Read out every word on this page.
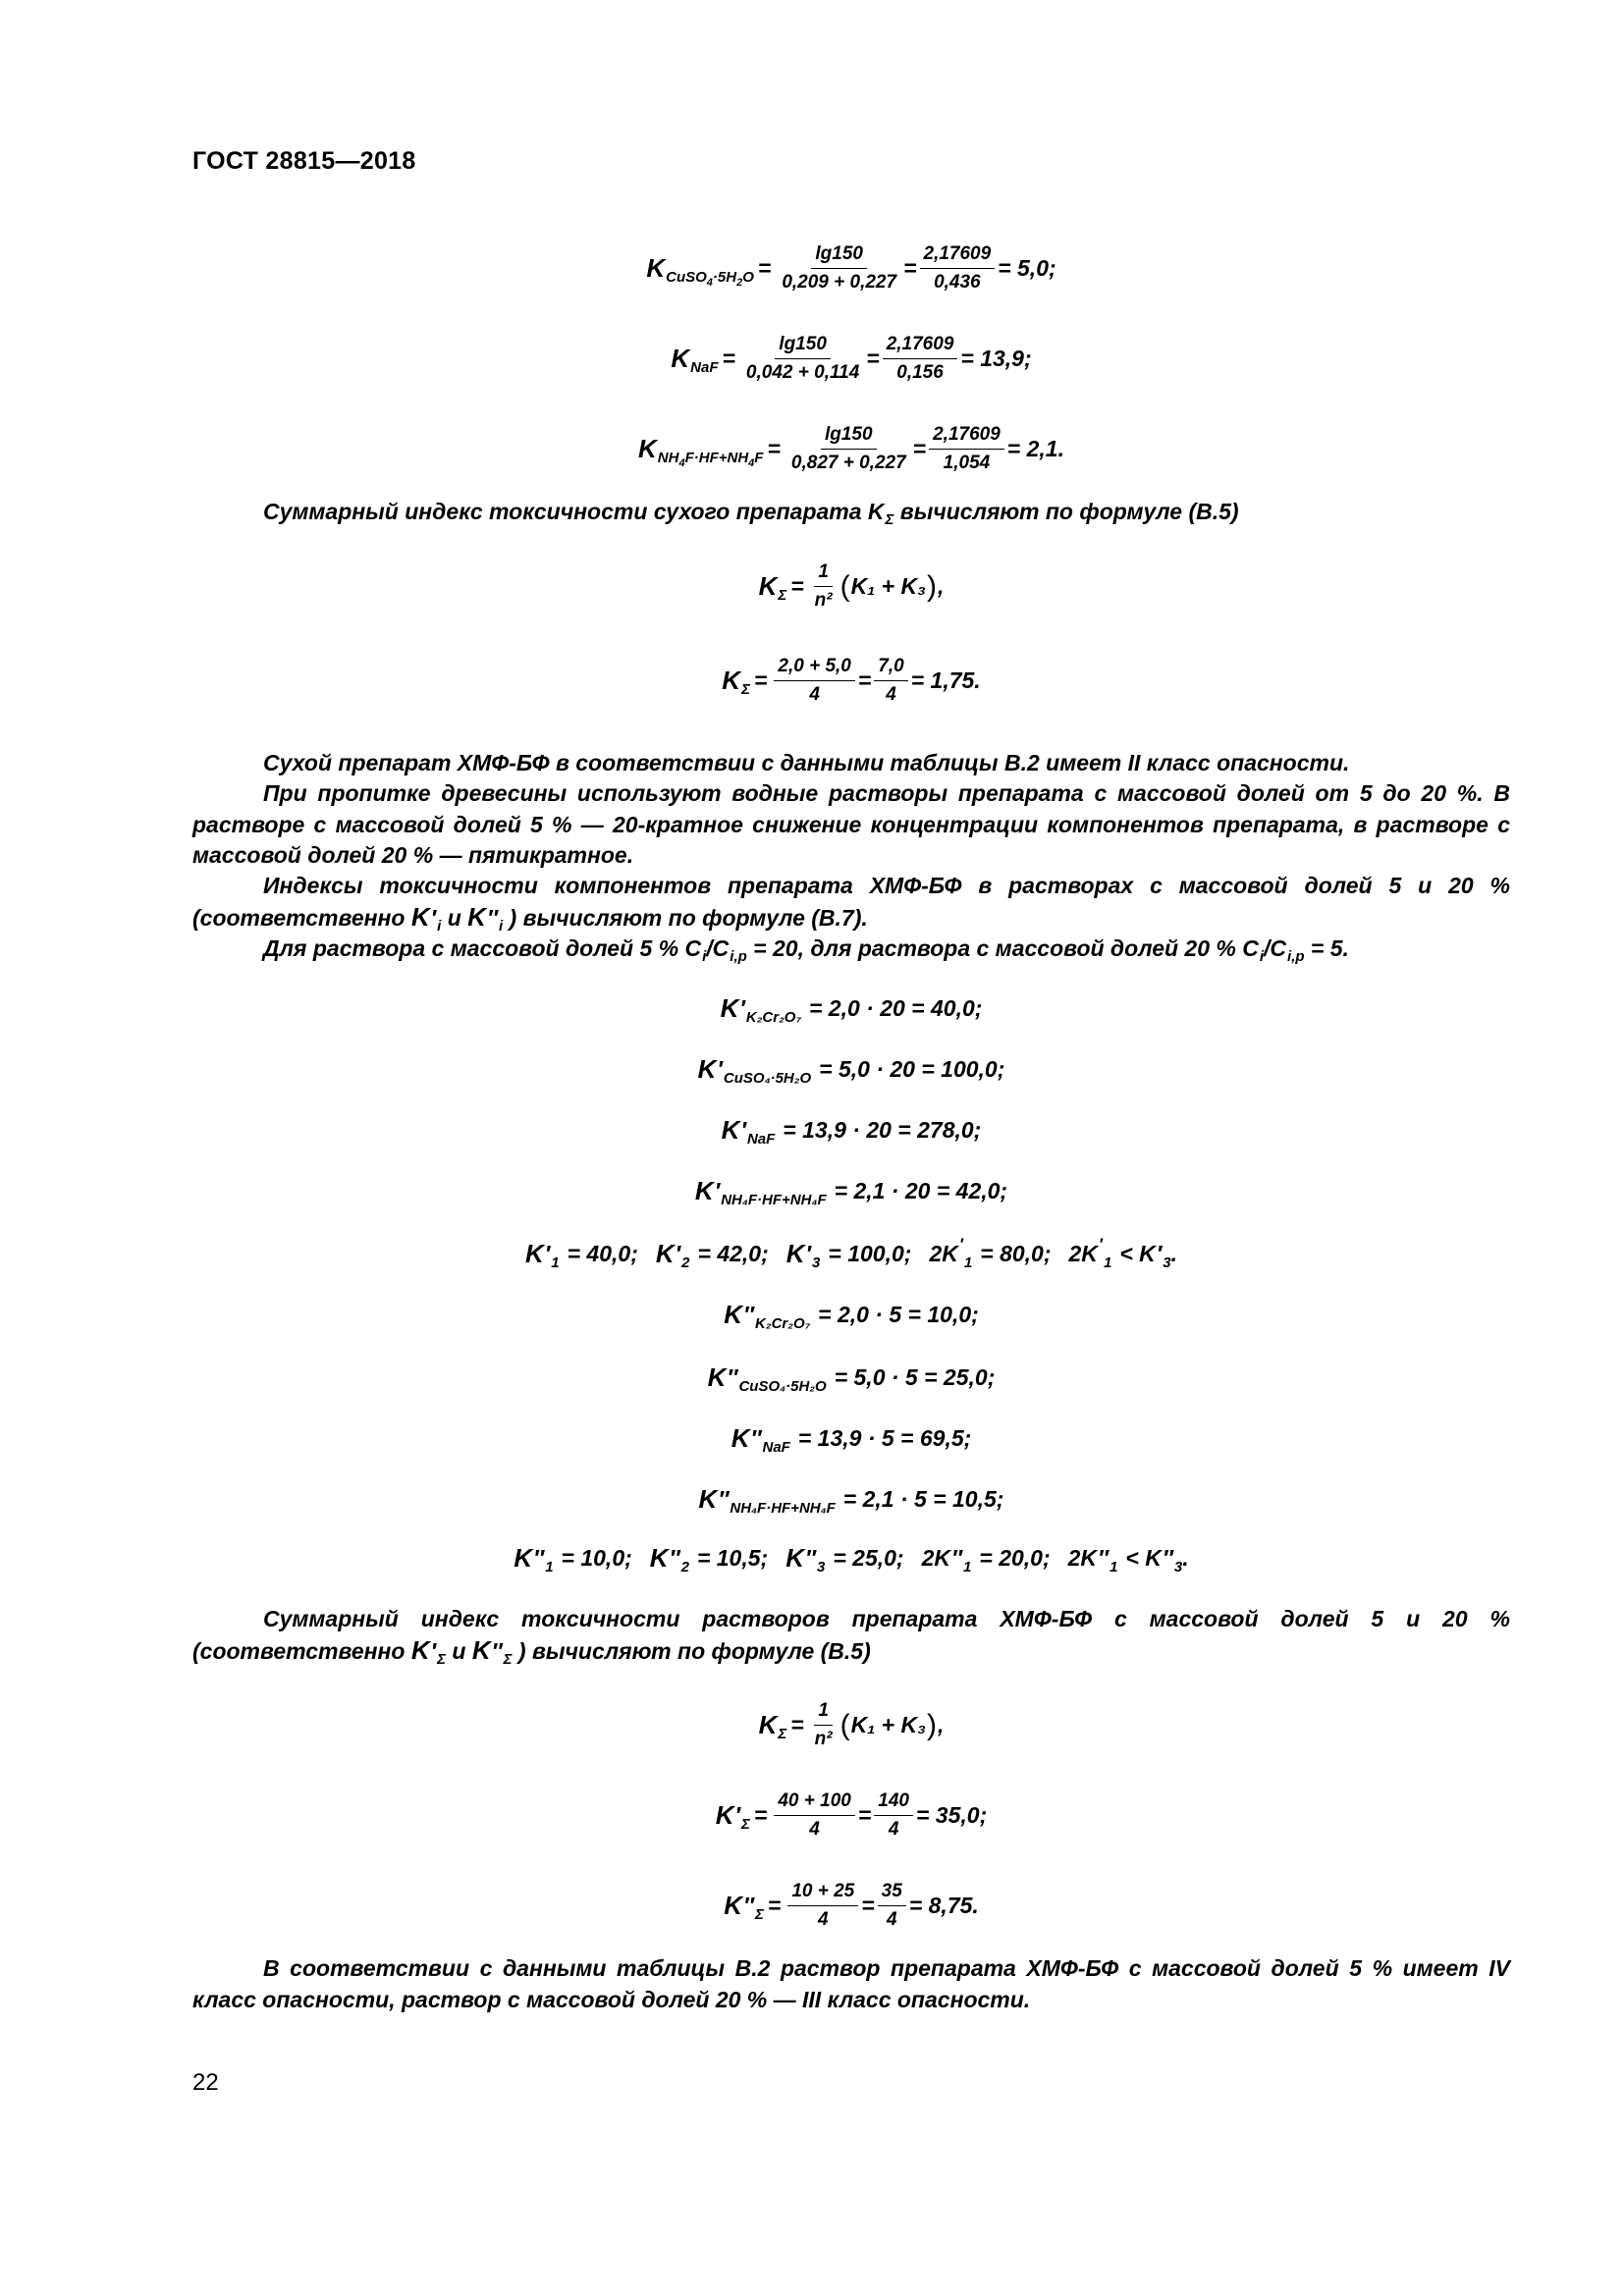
ГОСТ 28815—2018
K $CuSO_4\cdot 5H_2O = \frac{\lg 150}{0,209 + 0,227} = \frac{2,17609}{0,436} = 5,0$;
K NaF = $\frac{\lg 150}{0,042 + 0,114} = \frac{2,17609}{0,156} = 13,9$;
K $NH_4F\cdot HF+NH_4F = \frac{\lg 150}{0,827 + 0,227} = \frac{2,17609}{1,054} = 2,1$.
Суммарный индекс токсичности сухого препарата $K_\Sigma$ вычисляют по формуле (В.5)
K $\Sigma = \frac{1}{\text{n²}}$ ( K₁ + K₃ ) ,
K $\Sigma = \frac{2,0 + 5,0}{4} = \frac{7,0}{4} = 1,75$.
Сухой препарат ХМФ-БФ в соответствии с данными таблицы В.2 имеет II класс опасности.
При пропитке древесины используют водные растворы препарата с массовой долей от 5 до 20 %. В растворе с массовой долей 5 % — 20-кратное снижение концентрации компонентов препарата, в растворе с массовой долей 20 % — пятикратное.
Индексы токсичности компонентов препарата ХМФ-БФ в растворах с массовой долей 5 и 20 % (соответственно $K'_i$ и $K''_i$ ) вычисляют по формуле (В.7).
Для раствора с массовой долей 5 % $C_i/C_{i,p} = 20$, для раствора с массовой долей 20 % $C_i/C_{i,p} = 5$.
K ′ K₂Cr₂O₇ = 2,0 · 20 = 40,0;
K ′ CuSO₄·5H₂O = 5,0 · 20 = 100,0;
K ′ NaF = 13,9 · 20 = 278,0;
K ′ NH₄F·HF+NH₄F = 2,1 · 20 = 42,0;
K ′ 1 = 40,0; K ′ 2 = 42,0; K ′ 3 = 100,0; 2K ′
1 = 80,0; 2K ′
1 < K ′ 3 .
K ″ K₂Cr₂O₇ = 2,0 · 5 = 10,0;
K ″ CuSO₄·5H₂O = 5,0 · 5 = 25,0;
K ″ NaF = 13,9 · 5 = 69,5;
K ″ NH₄F·HF+NH₄F = 2,1 · 5 = 10,5;
K ″ 1 = 10,0; K ″ 2 = 10,5; K ″ 3 = 25,0; 2K ″ 1 = 20,0; 2K ″ 1 < K ″ 3 .
Суммарный индекс токсичности растворов препарата ХМФ-БФ с массовой долей 5 и 20 % (соответственно $K'_\Sigma$ и $K''_\Sigma$ ) вычисляют по формуле (В.5)
K $\Sigma = \frac{1}{\text{n²}}$ ( K₁ + K₃ ) ,
K ′ $\Sigma = \frac{40 + 100}{4} = \frac{140}{4} = 35,0$;
K ″ $\Sigma = \frac{10 + 25}{4} = \frac{35}{4} = 8,75$.
В соответствии с данными таблицы В.2 раствор препарата ХМФ-БФ с массовой долей 5 % имеет IV класс опасности, раствор с массовой долей 20 % — III класс опасности.
22
